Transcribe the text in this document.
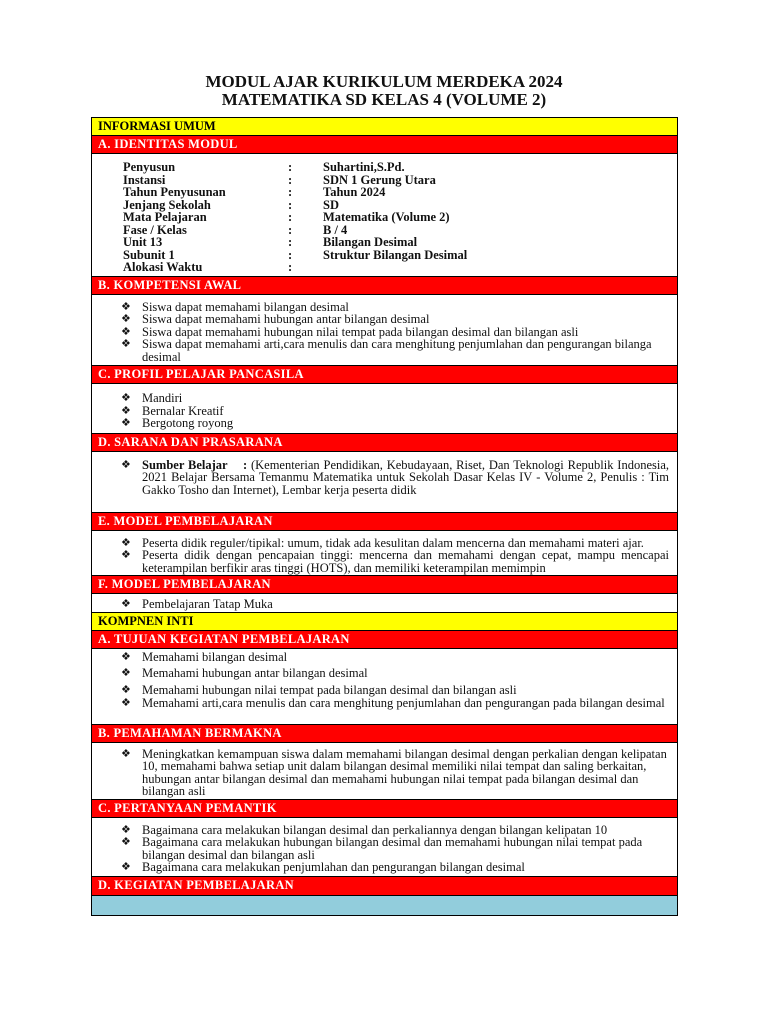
MODUL AJAR KURIKULUM MERDEKA 2024
MATEMATIKA SD KELAS 4 (VOLUME 2)
INFORMASI UMUM
A. IDENTITAS MODUL
Penyusun	:	Suhartini,S.Pd.
Instansi	:	SDN 1 Gerung Utara
Tahun Penyusunan	:	Tahun 2024
Jenjang Sekolah	:	SD
Mata Pelajaran	:	Matematika (Volume 2)
Fase / Kelas	:	B / 4
Unit 13	:	Bilangan Desimal
Subunit 1	:	Struktur Bilangan Desimal
Alokasi Waktu	:
B. KOMPETENSI AWAL
❖ Siswa dapat memahami bilangan desimal
❖ Siswa dapat memahami hubungan antar bilangan desimal
❖ Siswa dapat memahami hubungan nilai tempat pada bilangan desimal dan bilangan asli
❖ Siswa dapat memahami arti,cara menulis dan cara menghitung penjumlahan dan pengurangan bilanga desimal
C. PROFIL PELAJAR PANCASILA
❖ Mandiri
❖ Bernalar Kreatif
❖ Bergotong royong
D. SARANA DAN PRASARANA
❖ Sumber Belajar : (Kementerian Pendidikan, Kebudayaan, Riset, Dan Teknologi Republik Indonesia, 2021 Belajar Bersama Temanmu Matematika untuk Sekolah Dasar Kelas IV - Volume 2, Penulis : Tim Gakko Tosho dan Internet), Lembar kerja peserta didik
E. MODEL PEMBELAJARAN
❖ Peserta didik reguler/tipikal: umum, tidak ada kesulitan dalam mencerna dan memahami materi ajar.
❖ Peserta didik dengan pencapaian tinggi: mencerna dan memahami dengan cepat, mampu mencapai keterampilan berfikir aras tinggi (HOTS), dan memiliki keterampilan memimpin
F. MODEL PEMBELAJARAN
❖ Pembelajaran Tatap Muka
KOMPNEN INTI
A. TUJUAN KEGIATAN PEMBELAJARAN
❖ Memahami bilangan desimal
❖ Memahami hubungan antar bilangan desimal
❖ Memahami hubungan nilai tempat pada bilangan desimal dan bilangan asli
❖ Memahami arti,cara menulis dan cara menghitung penjumlahan dan pengurangan pada bilangan desimal
B. PEMAHAMAN BERMAKNA
❖ Meningkatkan kemampuan siswa dalam memahami bilangan desimal dengan perkalian dengan kelipatan 10, memahami bahwa setiap unit dalam bilangan desimal memiliki nilai tempat dan saling berkaitan, hubungan antar bilangan desimal dan memahami hubungan nilai tempat pada bilangan desimal dan bilangan asli
C. PERTANYAAN PEMANTIK
❖ Bagaimana cara melakukan bilangan desimal dan perkaliannya dengan bilangan kelipatan 10
❖ Bagaimana cara melakukan hubungan bilangan desimal dan memahami hubungan nilai tempat pada bilangan desimal dan bilangan asli
❖ Bagaimana cara melakukan penjumlahan dan pengurangan bilangan desimal
D. KEGIATAN PEMBELAJARAN
